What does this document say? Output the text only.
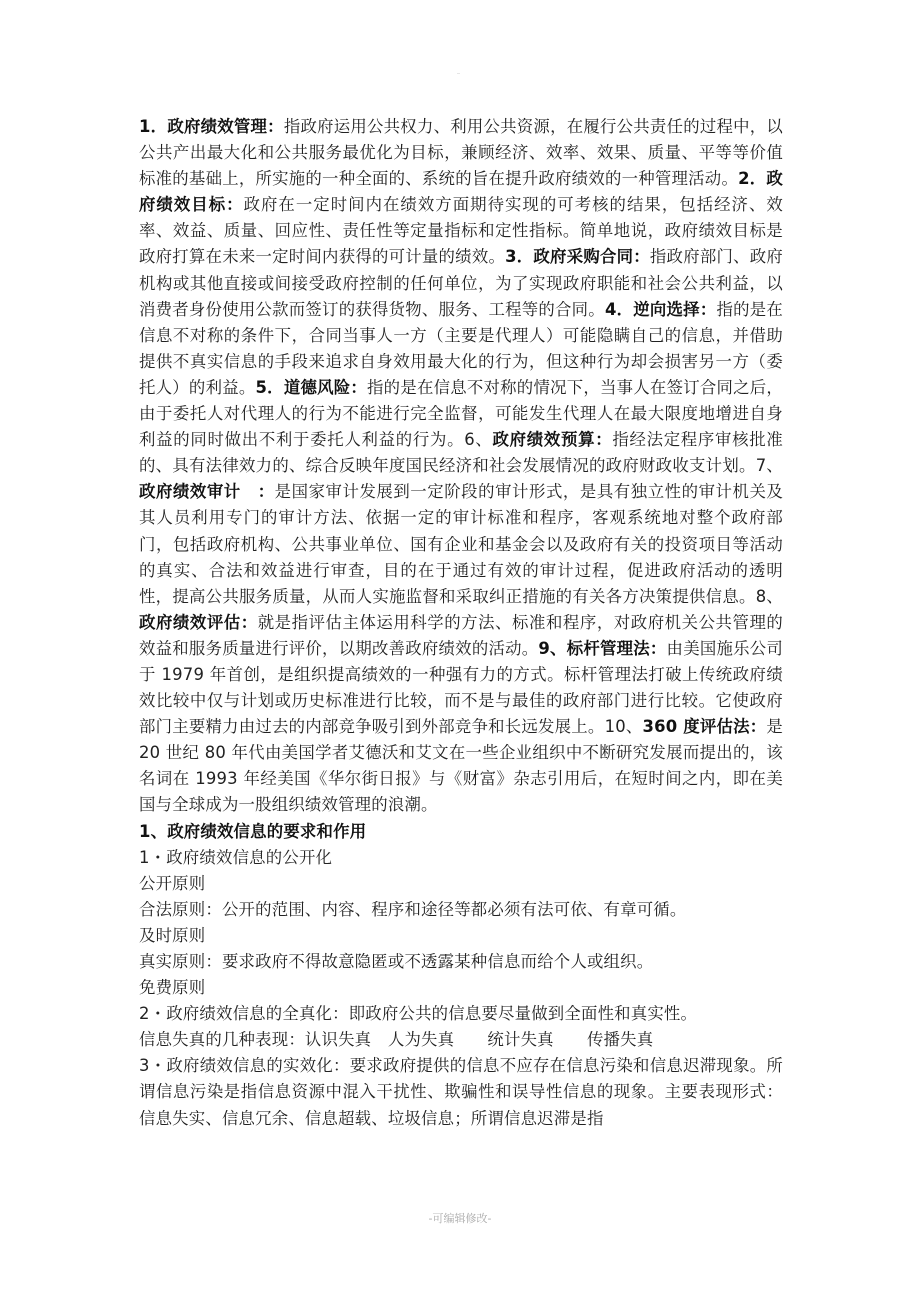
1．政府绩效管理：指政府运用公共权力、利用公共资源，在履行公共责任的过程中，以公共产出最大化和公共服务最优化为目标，兼顾经济、效率、效果、质量、平等等价值标准的基础上，所实施的一种全面的、系统的旨在提升政府绩效的一种管理活动。2．政府绩效目标：政府在一定时间内在绩效方面期待实现的可考核的结果，包括经济、效率、效益、质量、回应性、责任性等定量指标和定性指标。简单地说，政府绩效目标是政府打算在未来一定时间内获得的可计量的绩效。3．政府采购合同：指政府部门、政府机构或其他直接或间接受政府控制的任何单位，为了实现政府职能和社会公共利益，以消费者身份使用公款而签订的获得货物、服务、工程等的合同。4．逆向选择：指的是在信息不对称的条件下，合同当事人一方（主要是代理人）可能隐瞒自己的信息，并借助提供不真实信息的手段来追求自身效用最大化的行为，但这种行为却会损害另一方（委托人）的利益。5．道德风险：指的是在信息不对称的情况下，当事人在签订合同之后，由于委托人对代理人的行为不能进行完全监督，可能发生代理人在最大限度地增进自身利益的同时做出不利于委托人利益的行为。6、政府绩效预算：指经法定程序审核批准的、具有法律效力的、综合反映年度国民经济和社会发展情况的政府财政收支计划。7、政府绩效审计　：是国家审计发展到一定阶段的审计形式，是具有独立性的审计机关及其人员利用专门的审计方法、依据一定的审计标准和程序，客观系统地对整个政府部门，包括政府机构、公共事业单位、国有企业和基金会以及政府有关的投资项目等活动的真实、合法和效益进行审查，目的在于通过有效的审计过程，促进政府活动的透明性，提高公共服务质量，从而人实施监督和采取纠正措施的有关各方决策提供信息。8、政府绩效评估：就是指评估主体运用科学的方法、标准和程序，对政府机关公共管理的效益和服务质量进行评价，以期改善政府绩效的活动。9、标杆管理法：由美国施乐公司于 1979 年首创，是组织提高绩效的一种强有力的方式。标杆管理法打破上传统政府绩效比较中仅与计划或历史标准进行比较，而不是与最佳的政府部门进行比较。它使政府部门主要精力由过去的内部竞争吸引到外部竞争和长远发展上。10、360 度评估法：是 20 世纪 80 年代由美国学者艾德沃和艾文在一些企业组织中不断研究发展而提出的，该名词在 1993 年经美国《华尔街日报》与《财富》杂志引用后，在短时间之内，即在美国与全球成为一股组织绩效管理的浪潮。

1、政府绩效信息的要求和作用

1・政府绩效信息的公开化

公开原则

合法原则：公开的范围、内容、程序和途径等都必须有法可依、有章可循。

及时原则

真实原则：要求政府不得故意隐匿或不透露某种信息而给个人或组织。

免费原则

2・政府绩效信息的全真化：即政府公共的信息要尽量做到全面性和真实性。

信息失真的几种表现：认识失真　人为失真　　统计失真　　传播失真

3・政府绩效信息的实效化：要求政府提供的信息不应存在信息污染和信息迟滞现象。所谓信息污染是指信息资源中混入干扰性、欺骗性和误导性信息的现象。主要表现形式：信息失实、信息冗余、信息超载、垃圾信息；所谓信息迟滞是指

-可编辑修改-
